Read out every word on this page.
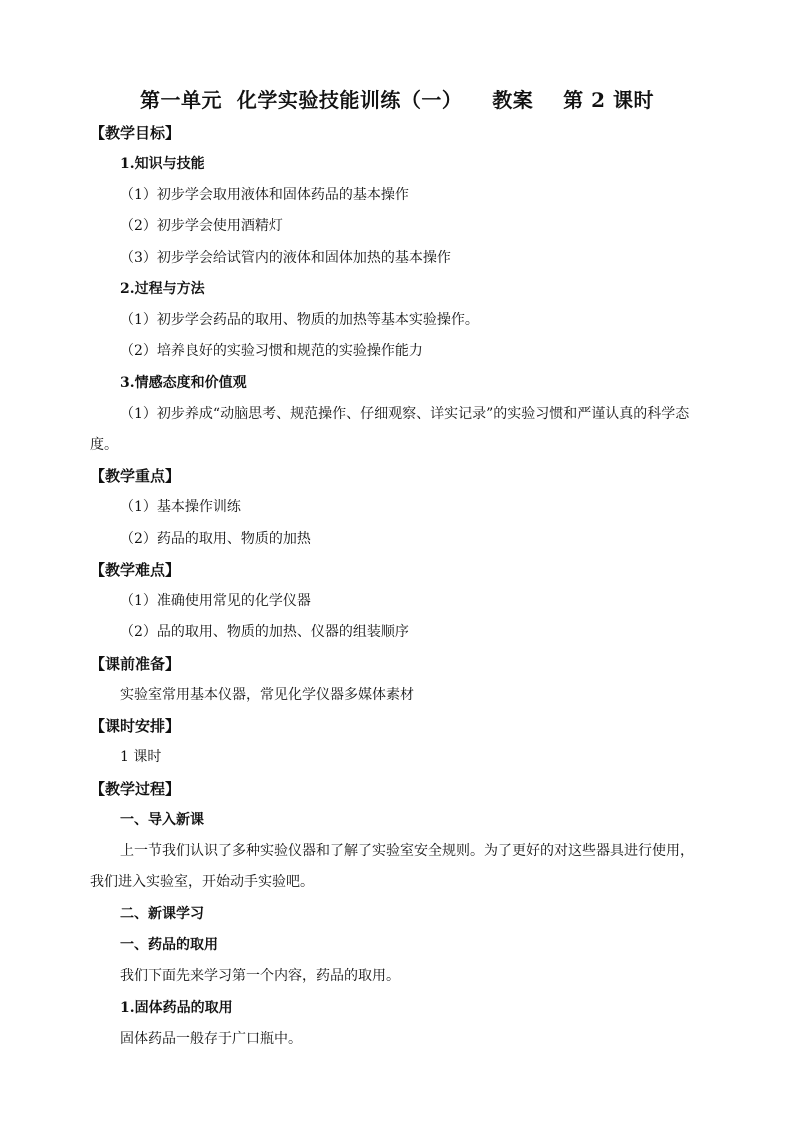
第一单元  化学实验技能训练（一）    教案    第 2 课时
【教学目标】
1.知识与技能
（1）初步学会取用液体和固体药品的基本操作
（2）初步学会使用酒精灯
（3）初步学会给试管内的液体和固体加热的基本操作
2.过程与方法
（1）初步学会药品的取用、物质的加热等基本实验操作。
（2）培养良好的实验习惯和规范的实验操作能力
3.情感态度和价值观
（1）初步养成“动脑思考、规范操作、仔细观察、详实记录”的实验习惯和严谨认真的科学态度。
【教学重点】
（1）基本操作训练
（2）药品的取用、物质的加热
【教学难点】
（1）准确使用常见的化学仪器
（2）品的取用、物质的加热、仪器的组装顺序
【课前准备】
实验室常用基本仪器，常见化学仪器多媒体素材
【课时安排】
1 课时
【教学过程】
一、导入新课
上一节我们认识了多种实验仪器和了解了实验室安全规则。为了更好的对这些器具进行使用，我们进入实验室，开始动手实验吧。
二、新课学习
一、药品的取用
我们下面先来学习第一个内容，药品的取用。
1.固体药品的取用
固体药品一般存于广口瓶中。
